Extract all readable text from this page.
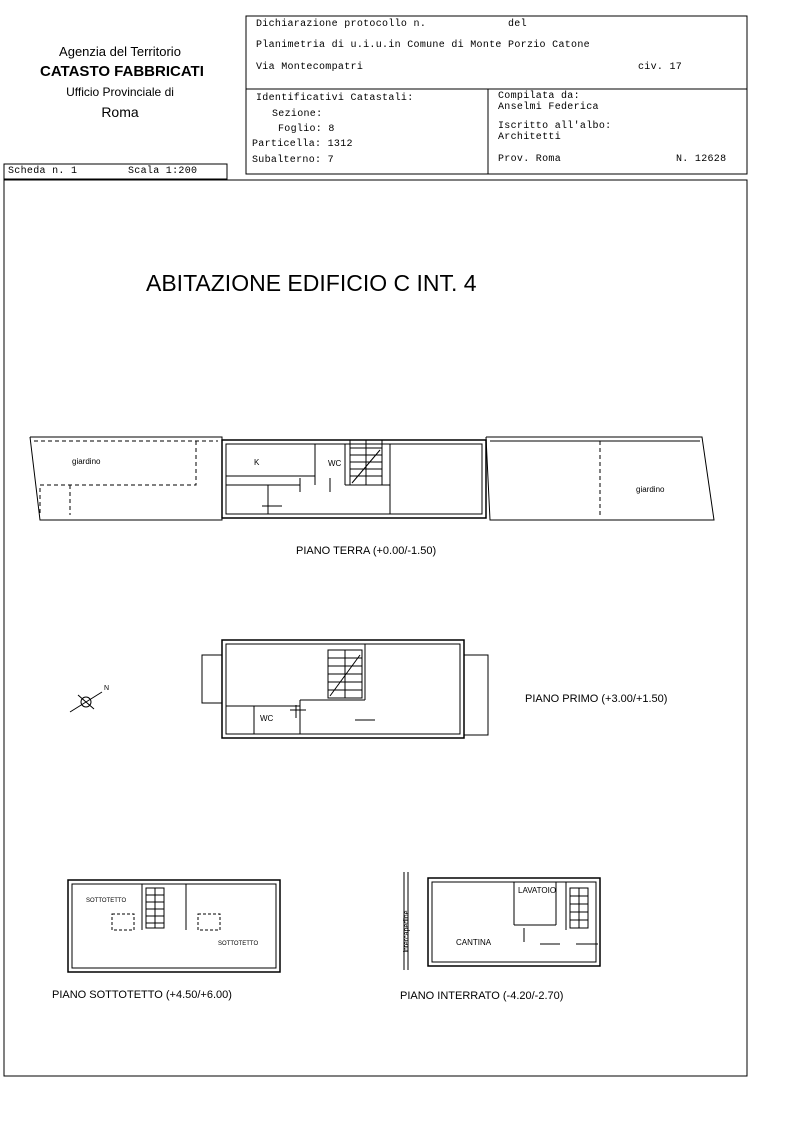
Agenzia del Territorio
CATASTO FABBRICATI
Ufficio Provinciale di
Roma
Dichiarazione protocollo n.	del
Planimetria di u.i.u.in Comune di Monte Porzio Catone
Via Montecompatri	civ. 17
Identificativi Catastali:
Sezione:
Foglio: 8
Particella: 1312
Subalterno: 7
Compilata da:
Anselmi Federica
Iscritto all'albo:
Architetti
Prov. Roma	N. 12628
Scheda n. 1	Scala 1:200
ABITAZIONE EDIFICIO C INT. 4
giardino	K	WC
giardino
PIANO TERRA (+0.00/-1.50)
WC
PIANO PRIMO (+3.00/+1.50)
N
SOTTOTETTO
SOTTOTETTO
PIANO SOTTOTETTO (+4.50/+6.00)
LAVATOIO
CANTINA
intercapedine
PIANO INTERRATO (-4.20/-2.70)
